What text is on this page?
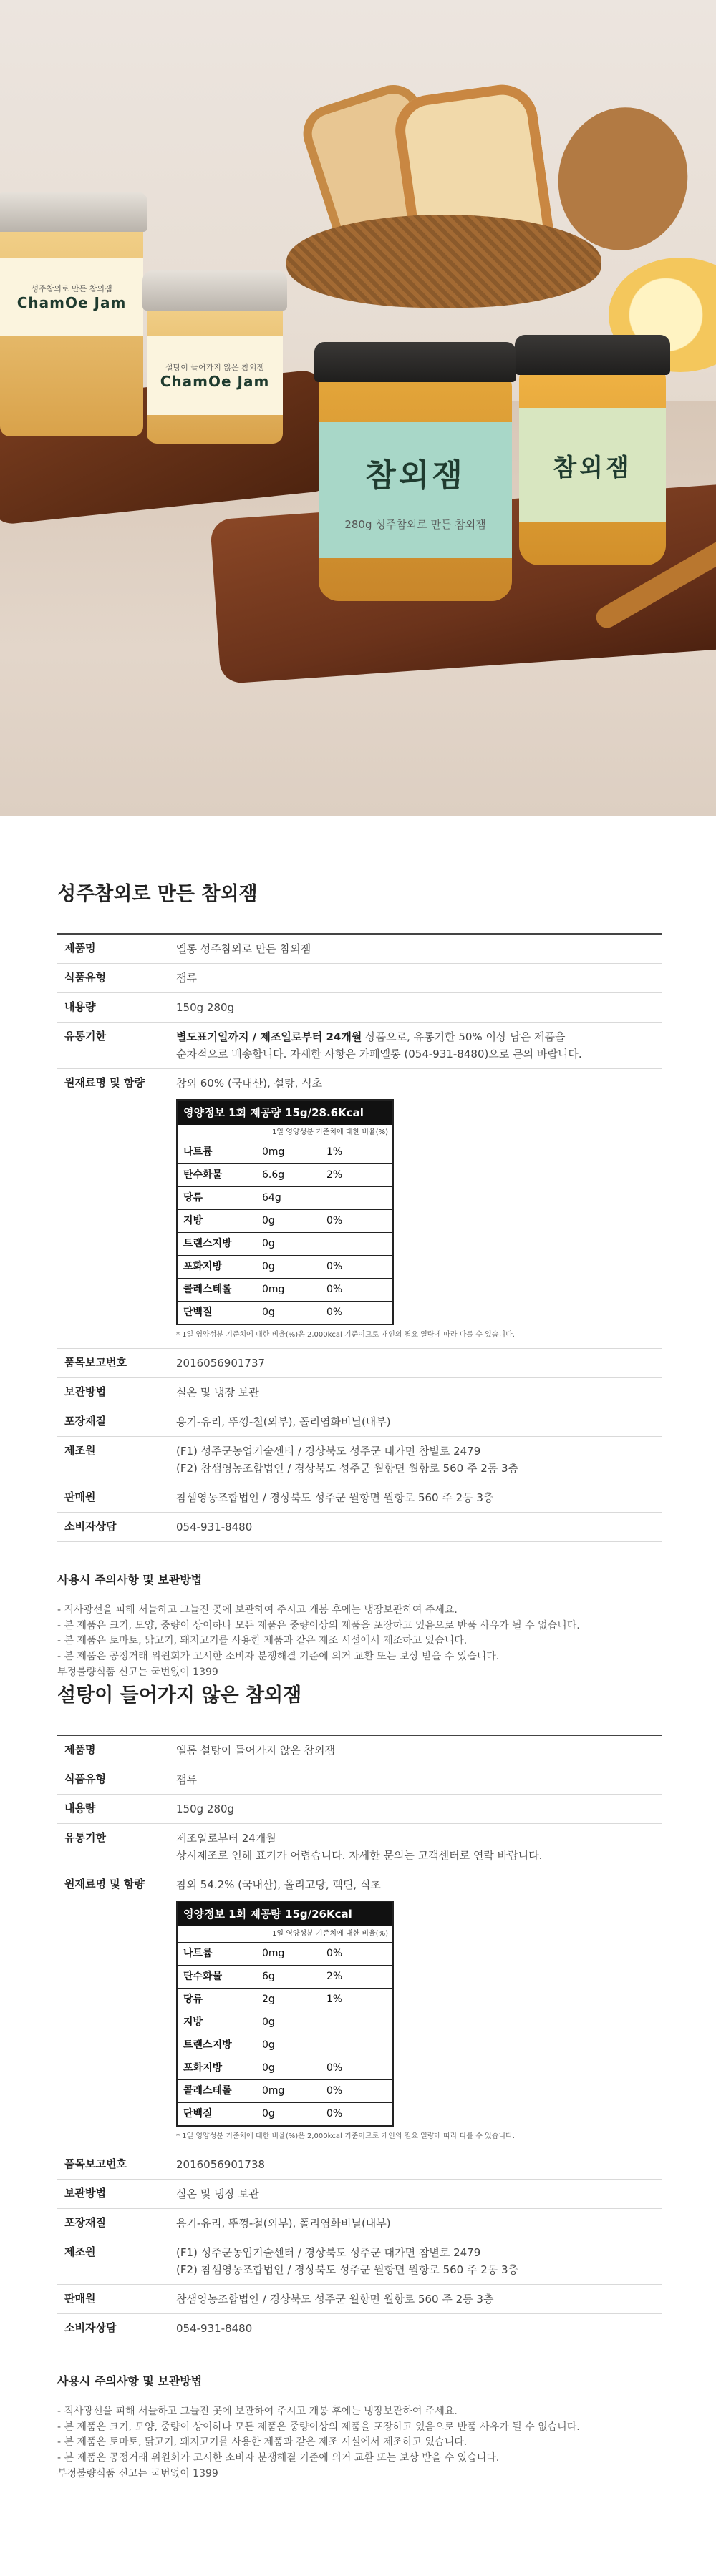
성주참외로 만든 참외잼
ChamOe Jam
설탕이 들어가지 않은 참외잼
ChamOe Jam
참외잼
참외잼
280g 성주참외로 만든 참외잼
성주참외로 만든 참외잼
제품명	옐롱 성주참외로 만든 참외잼
식품유형	잼류
내용량	150g 280g
유통기한	별도표기일까지 / 제조일로부터 24개월 상품으로, 유통기한 50% 이상 남은 제품을
순차적으로 배송합니다. 자세한 사항은 카페옐롱 (054-931-8480)으로 문의 바랍니다.
원재료명 및 함량	참외 60% (국내산), 설탕, 식초
영양정보 1회 제공량 15g/28.6Kcal
1일 영양성분 기준치에 대한 비율(%)
나트륨	0mg	1%
탄수화물	6.6g	2%
당류	64g
지방	0g	0%
트랜스지방	0g
포화지방	0g	0%
콜레스테롤	0mg	0%
단백질	0g	0%
* 1일 영양성분 기준치에 대한 비율(%)은 2,000kcal 기준이므로 개인의 필요 열량에 따라 다를 수 있습니다.
품목보고번호	2016056901737
보관방법	실온 및 냉장 보관
포장재질	용기-유리, 뚜껑-철(외부), 폴리염화비닐(내부)
제조원	(F1) 성주군농업기술센터 / 경상북도 성주군 대가면 참별로 2479
(F2) 참샘영농조합법인 / 경상북도 성주군 월항면 월항로 560 주 2동 3층
판매원	참샘영농조합법인 / 경상북도 성주군 월항면 월항로 560 주 2동 3층
소비자상담	054-931-8480
사용시 주의사항 및 보관방법
- 직사광선을 피해 서늘하고 그늘진 곳에 보관하여 주시고 개봉 후에는 냉장보관하여 주세요.
- 본 제품은 크기, 모양, 중량이 상이하나 모든 제품은 중량이상의 제품을 포장하고 있음으로 반품 사유가 될 수 없습니다.
- 본 제품은 토마토, 닭고기, 돼지고기를 사용한 제품과 같은 제조 시설에서 제조하고 있습니다.
- 본 제품은 공정거래 위원회가 고시한 소비자 분쟁해결 기준에 의거 교환 또는 보상 받을 수 있습니다.
부정불량식품 신고는 국번없이 1399
설탕이 들어가지 않은 참외잼
제품명	옐롱 설탕이 들어가지 않은 참외잼
식품유형	잼류
내용량	150g 280g
유통기한	제조일로부터 24개월
상시제조로 인해 표기가 어렵습니다. 자세한 문의는 고객센터로 연락 바랍니다.
원재료명 및 함량	참외 54.2% (국내산), 올리고당, 펙틴, 식초
영양정보 1회 제공량 15g/26Kcal
1일 영양성분 기준치에 대한 비율(%)
나트륨	0mg	0%
탄수화물	6g	2%
당류	2g	1%
지방	0g
트랜스지방	0g
포화지방	0g	0%
콜레스테롤	0mg	0%
단백질	0g	0%
* 1일 영양성분 기준치에 대한 비율(%)은 2,000kcal 기준이므로 개인의 필요 열량에 따라 다를 수 있습니다.
품목보고번호	2016056901738
보관방법	실온 및 냉장 보관
포장재질	용기-유리, 뚜껑-철(외부), 폴리염화비닐(내부)
제조원	(F1) 성주군농업기술센터 / 경상북도 성주군 대가면 참별로 2479
(F2) 참샘영농조합법인 / 경상북도 성주군 월항면 월항로 560 주 2동 3층
판매원	참샘영농조합법인 / 경상북도 성주군 월항면 월항로 560 주 2동 3층
소비자상담	054-931-8480
사용시 주의사항 및 보관방법
- 직사광선을 피해 서늘하고 그늘진 곳에 보관하여 주시고 개봉 후에는 냉장보관하여 주세요.
- 본 제품은 크기, 모양, 중량이 상이하나 모든 제품은 중량이상의 제품을 포장하고 있음으로 반품 사유가 될 수 없습니다.
- 본 제품은 토마토, 닭고기, 돼지고기를 사용한 제품과 같은 제조 시설에서 제조하고 있습니다.
- 본 제품은 공정거래 위원회가 고시한 소비자 분쟁해결 기준에 의거 교환 또는 보상 받을 수 있습니다.
부정불량식품 신고는 국번없이 1399
